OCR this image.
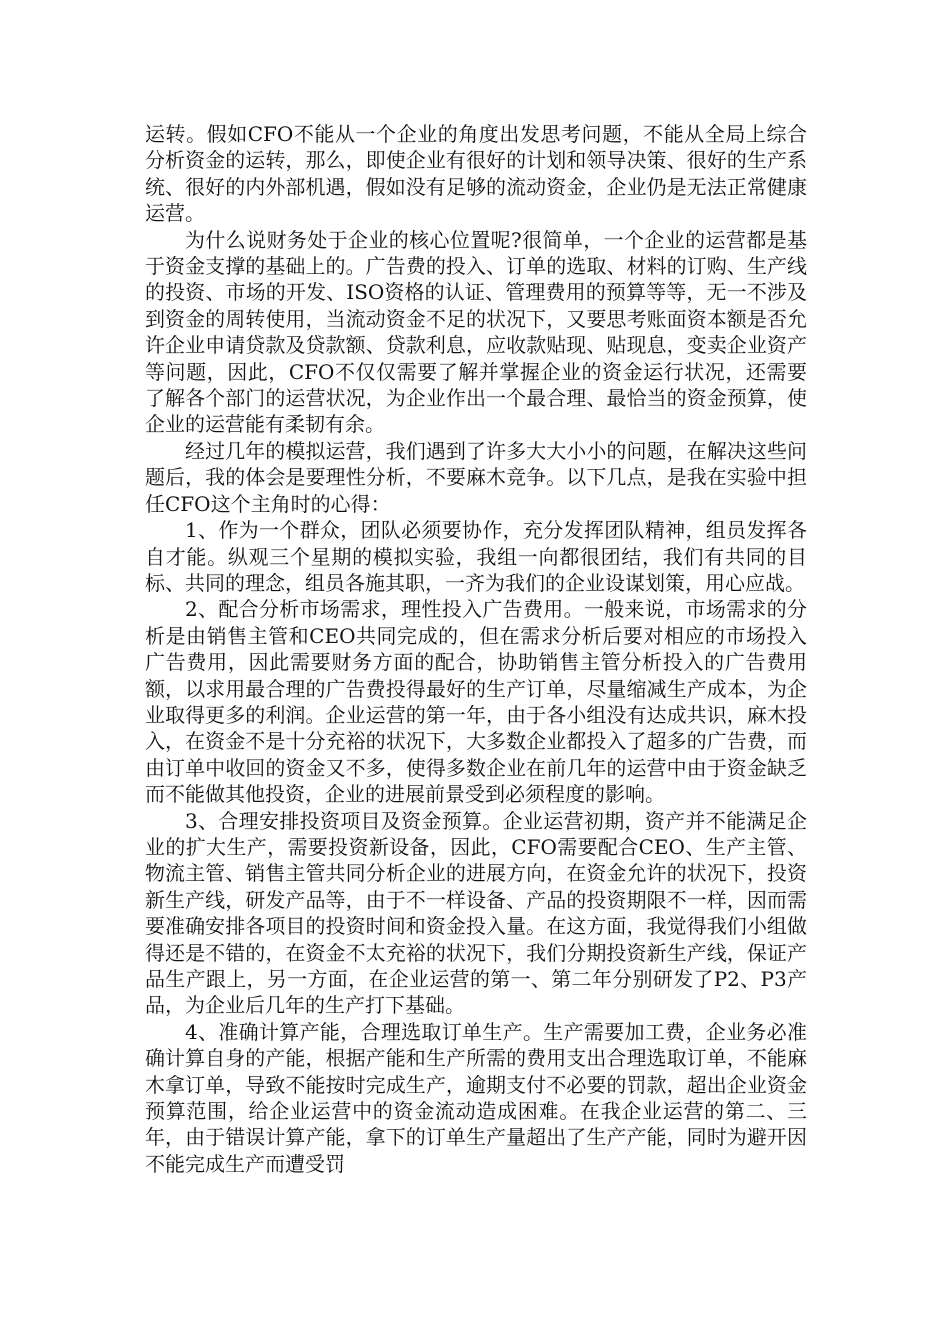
运转。假如CFO不能从一个企业的角度出发思考问题，不能从全局上综合分析资金的运转，那么，即使企业有很好的计划和领导决策、很好的生产系统、很好的内外部机遇，假如没有足够的流动资金，企业仍是无法正常健康运营。

为什么说财务处于企业的核心位置呢?很简单，一个企业的运营都是基于资金支撑的基础上的。广告费的投入、订单的选取、材料的订购、生产线的投资、市场的开发、ISO资格的认证、管理费用的预算等等，无一不涉及到资金的周转使用，当流动资金不足的状况下，又要思考账面资本额是否允许企业申请贷款及贷款额、贷款利息，应收款贴现、贴现息，变卖企业资产等问题，因此，CFO不仅仅需要了解并掌握企业的资金运行状况，还需要了解各个部门的运营状况，为企业作出一个最合理、最恰当的资金预算，使企业的运营能有柔韧有余。

经过几年的模拟运营，我们遇到了许多大大小小的问题，在解决这些问题后，我的体会是要理性分析，不要麻木竞争。以下几点，是我在实验中担任CFO这个主角时的心得：

1、作为一个群众，团队必须要协作，充分发挥团队精神，组员发挥各自才能。纵观三个星期的模拟实验，我组一向都很团结，我们有共同的目标、共同的理念，组员各施其职，一齐为我们的企业设谋划策，用心应战。

2、配合分析市场需求，理性投入广告费用。一般来说，市场需求的分析是由销售主管和CEO共同完成的，但在需求分析后要对相应的市场投入广告费用，因此需要财务方面的配合，协助销售主管分析投入的广告费用额，以求用最合理的广告费投得最好的生产订单，尽量缩减生产成本，为企业取得更多的利润。企业运营的第一年，由于各小组没有达成共识，麻木投入，在资金不是十分充裕的状况下，大多数企业都投入了超多的广告费，而由订单中收回的资金又不多，使得多数企业在前几年的运营中由于资金缺乏而不能做其他投资，企业的进展前景受到必须程度的影响。

3、合理安排投资项目及资金预算。企业运营初期，资产并不能满足企业的扩大生产，需要投资新设备，因此，CFO需要配合CEO、生产主管、物流主管、销售主管共同分析企业的进展方向，在资金允许的状况下，投资新生产线，研发产品等，由于不一样设备、产品的投资期限不一样，因而需要准确安排各项目的投资时间和资金投入量。在这方面，我觉得我们小组做得还是不错的，在资金不太充裕的状况下，我们分期投资新生产线，保证产品生产跟上，另一方面，在企业运营的第一、第二年分别研发了P2、P3产品，为企业后几年的生产打下基础。

4、准确计算产能，合理选取订单生产。生产需要加工费，企业务必准确计算自身的产能，根据产能和生产所需的费用支出合理选取订单，不能麻木拿订单，导致不能按时完成生产，逾期支付不必要的罚款，超出企业资金预算范围，给企业运营中的资金流动造成困难。在我企业运营的第二、三年，由于错误计算产能，拿下的订单生产量超出了生产产能，同时为避开因不能完成生产而遭受罚
